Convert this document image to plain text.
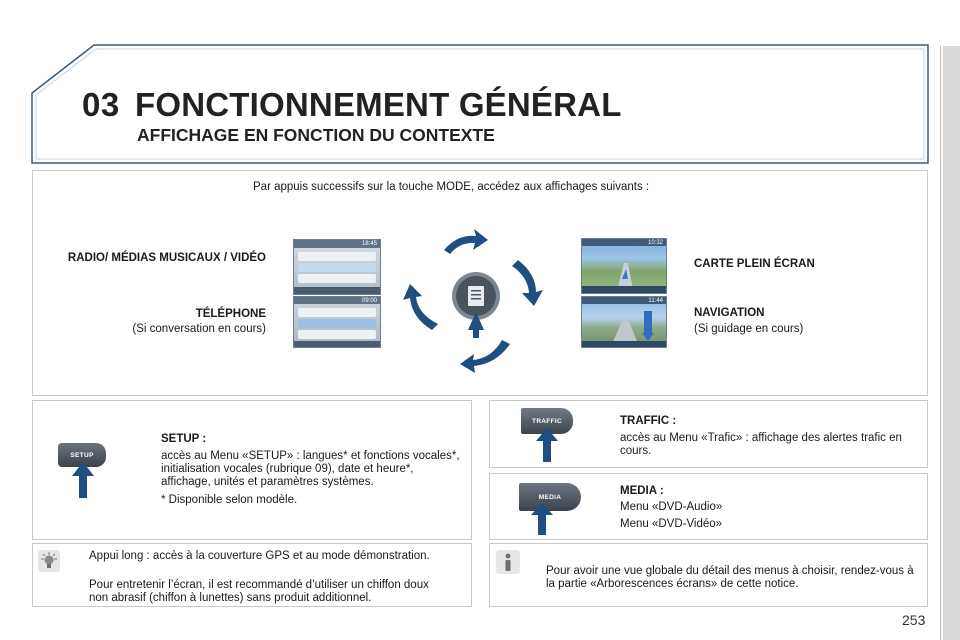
03 FONCTIONNEMENT GÉNÉRAL
AFFICHAGE EN FONCTION DU CONTEXTE
Par appuis successifs sur la touche MODE, accédez aux affichages suivants :
RADIO/ MÉDIAS MUSICAUX / VIDÉO
TÉLÉPHONE
(Si conversation en cours)
CARTE PLEIN ÉCRAN
NAVIGATION
(Si guidage en cours)
18:45
09:00
10:32
11:44
SETUP
SETUP :
accès au Menu «SETUP» : langues* et fonctions vocales*, initialisation vocales (rubrique 09), date et heure*, affichage, unités et paramètres systèmes.
* Disponible selon modèle.
TRAFFIC	TRAFFIC :
accès au Menu «Trafic» : affichage des alertes trafic en cours.
MEDIA	MEDIA :
Menu «DVD-Audio»
Menu «DVD-Vidéo»
Appui long : accès à la couverture GPS et au mode démonstration.
Pour entretenir l’écran, il est recommandé d’utiliser un chiffon doux non abrasif (chiffon à lunettes) sans produit additionnel.
Pour avoir une vue globale du détail des menus à choisir, rendez-vous à la partie «Arborescences écrans» de cette notice.
253
